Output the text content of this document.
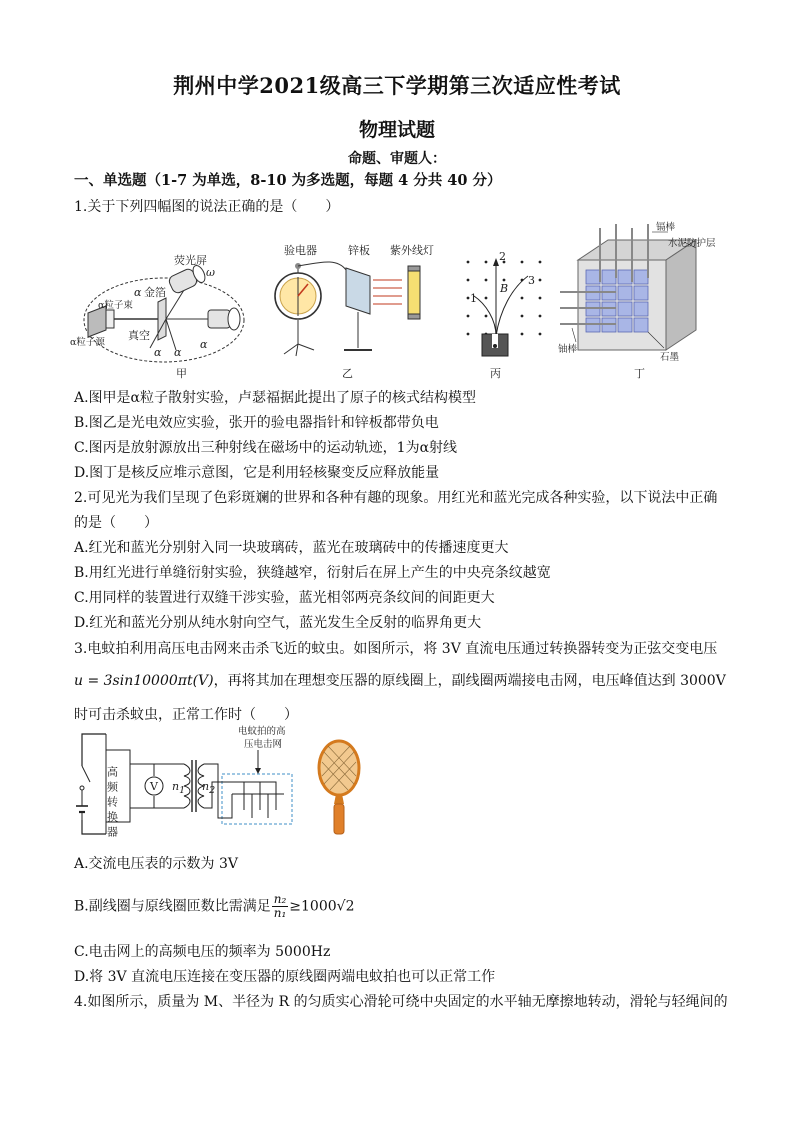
荆州中学2021级高三下学期第三次适应性考试
物理试题
命题、审题人：
一、单选题（1-7 为单选，8-10 为多选题，每题 4 分共 40 分）
1.关于下列四幅图的说法正确的是（　　）
荧光屏
ω
金箔
α
α粒子束
真空
α粒子源
α α
α
甲
验电器	锌板 紫外线灯
乙
1
2
3
B
丙
镉棒
水泥防护层
铀棒
石墨
丁
A.图甲是α粒子散射实验，卢瑟福据此提出了原子的核式结构模型
B.图乙是光电效应实验，张开的验电器指针和锌板都带负电
C.图丙是放射源放出三种射线在磁场中的运动轨迹，1为α射线
D.图丁是核反应堆示意图，它是利用轻核聚变反应释放能量
2.可见光为我们呈现了色彩斑斓的世界和各种有趣的现象。用红光和蓝光完成各种实验，以下说法中正确
的是（　　）
A.红光和蓝光分别射入同一块玻璃砖，蓝光在玻璃砖中的传播速度更大
B.用红光进行单缝衍射实验，狭缝越窄，衍射后在屏上产生的中央亮条纹越宽
C.用同样的装置进行双缝干涉实验，蓝光相邻两亮条纹间的间距更大
D.红光和蓝光分别从纯水射向空气，蓝光发生全反射的临界角更大
3.电蚊拍利用高压电击网来击杀飞近的蚊虫。如图所示，将 3V 直流电压通过转换器转变为正弦交变电压
u = 3sin10000πt(V)，再将其加在理想变压器的原线圈上，副线圈两端接电击网，电压峰值达到 3000V
时可击杀蚊虫，正常工作时（　　）
高频转换器	V n1 n2
电蚊拍的高
压电击网
A.交流电压表的示数为 3V
B.副线圈与原线圈匝数比需满足 $\frac{\text{n₂}}{\text{n₁}} \ge 1000√2$
C.电击网上的高频电压的频率为 5000Hz
D.将 3V 直流电压连接在变压器的原线圈两端电蚊拍也可以正常工作
4.如图所示，质量为 M、半径为 R 的匀质实心滑轮可绕中央固定的水平轴无摩擦地转动，滑轮与轻绳间的
